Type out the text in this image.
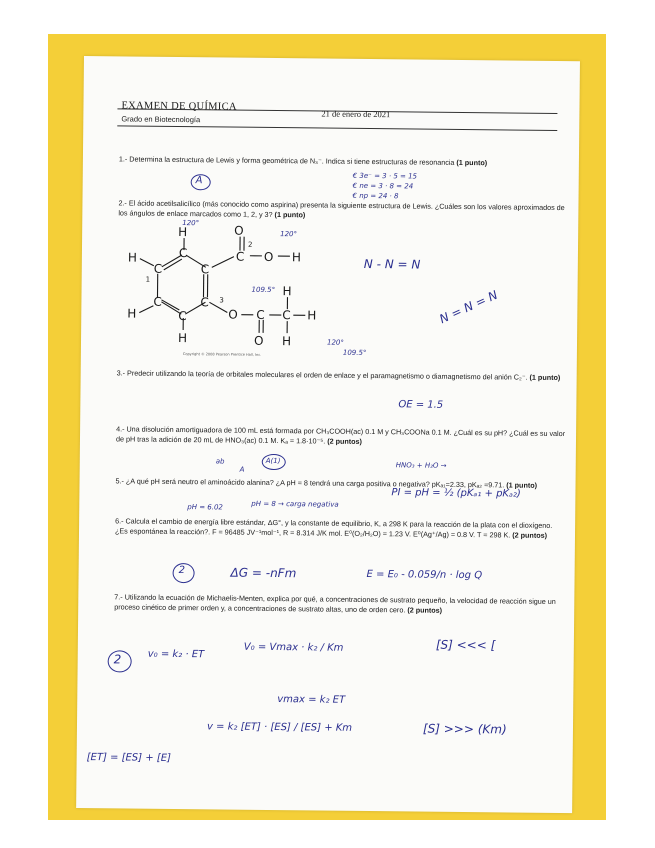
EXAMEN DE QUÍMICA
21 de enero de 2021
Grado en Biotecnología
1.- Determina la estructura de Lewis y forma geométrica de N₃⁻. Indica si tiene estructuras de resonancia (1 punto)
A	€ 3e⁻ = 3 · 5 = 15
€ ne = 3 · 8 = 24
€ np = 24 · 8
2.- El ácido acetilsalicílico (más conocido como aspirina) presenta la siguiente estructura de Lewis. ¿Cuáles son los valores aproximados de los ángulos de enlace marcados como 1, 2, y 3? (1 punto)
H
C
C
C
C
C
C
H
H
H
C
O
O H
O C C
O
H
H
H
1
2
3
Copyright © 2008 Pearson Prentice Hall, Inc.
120°
120°
109.5°
120°
109.5°
N - N = N
N = N = N
3.- Predecir utilizando la teoría de orbitales moleculares el orden de enlace y el paramagnetismo o diamagnetismo del anión C₂⁻. (1 punto)
OE = 1.5
4.- Una disolución amortiguadora de 100 mL está formada por CH₃COOH(ac) 0.1 M y CH₃COONa 0.1 M. ¿Cuál es su pH? ¿Cuál es su valor de pH tras la adición de 20 mL de HNO₃(ac) 0.1 M. Kₐ = 1.8·10⁻⁵. (2 puntos)
ab	A(1)
A	HNO₃ + H₂O →
5.- ¿A qué pH será neutro el aminoácido alanina? ¿A pH = 8 tendrá una carga positiva o negativa? pKₐ₁=2.33, pKₐ₂ =9.71. (1 punto)
pH = 6.02	pH = 8 → carga negativa
PI = pH = ½ (pKₐ₁ + pKₐ₂)
6.- Calcula el cambio de energía libre estándar, ΔG°, y la constante de equilibrio, K, a 298 K para la reacción de la plata con el dioxígeno. ¿Es espontánea la reacción?. F = 96485 JV⁻¹mol⁻¹, R = 8.314 J/K mol. E⁰(O₂/H₂O) = 1.23 V. E⁰(Ag⁺/Ag) = 0.8 V. T = 298 K. (2 puntos)
2	ΔG = -nFm	E = E₀ - 0.059/n · log Q
7.- Utilizando la ecuación de Michaelis-Menten, explica por qué, a concentraciones de sustrato pequeño, la velocidad de reacción sigue un proceso cinético de primer orden y, a concentraciones de sustrato altas, uno de orden cero. (2 puntos)
2	v₀ = k₂ · ET
V₀ = Vmax · k₂ / Km	[S] <<< [
vmax = k₂ ET
v = k₂ [ET] · [ES] / [ES] + Km	[S] >>> (Km)
[ET] = [ES] + [E]
